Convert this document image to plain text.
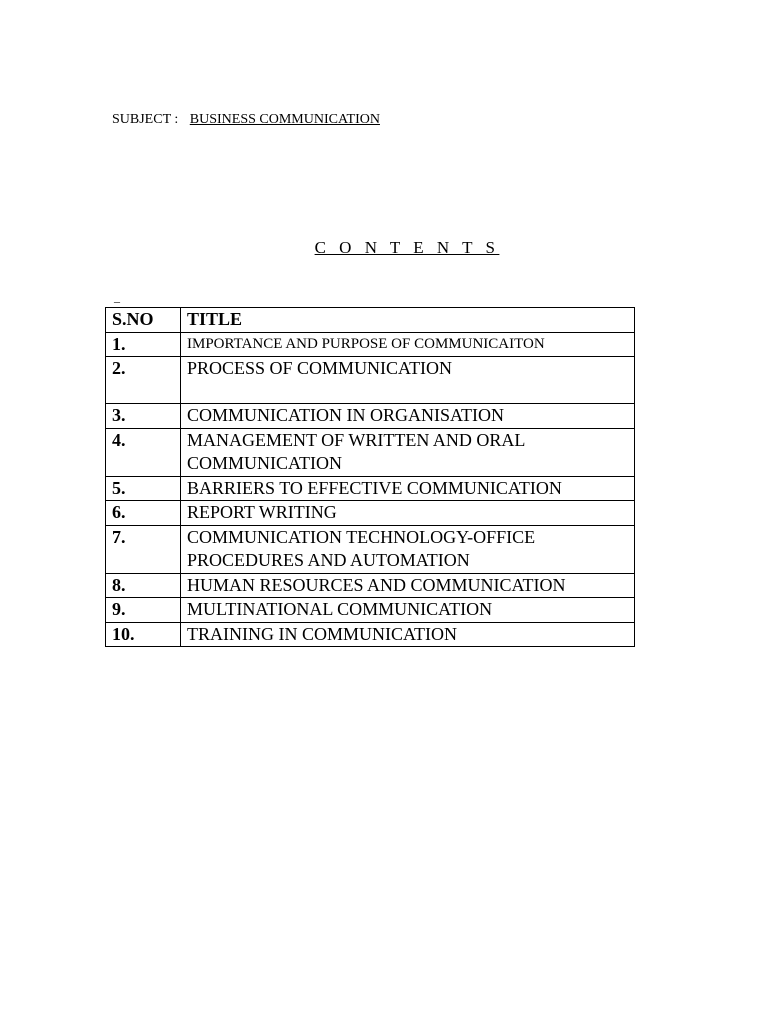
SUBJECT : BUSINESS COMMUNICATION
C O N T E N T S
_
S.NO	TITLE
1.	IMPORTANCE AND PURPOSE OF COMMUNICAITON
2.	PROCESS OF COMMUNICATION
3.	COMMUNICATION IN ORGANISATION
4.	MANAGEMENT OF WRITTEN AND ORAL COMMUNICATION
5.	BARRIERS TO EFFECTIVE COMMUNICATION
6.	REPORT WRITING
7.	COMMUNICATION TECHNOLOGY-OFFICE PROCEDURES AND AUTOMATION
8.	HUMAN RESOURCES AND COMMUNICATION
9.	MULTINATIONAL COMMUNICATION
10.	TRAINING IN COMMUNICATION
